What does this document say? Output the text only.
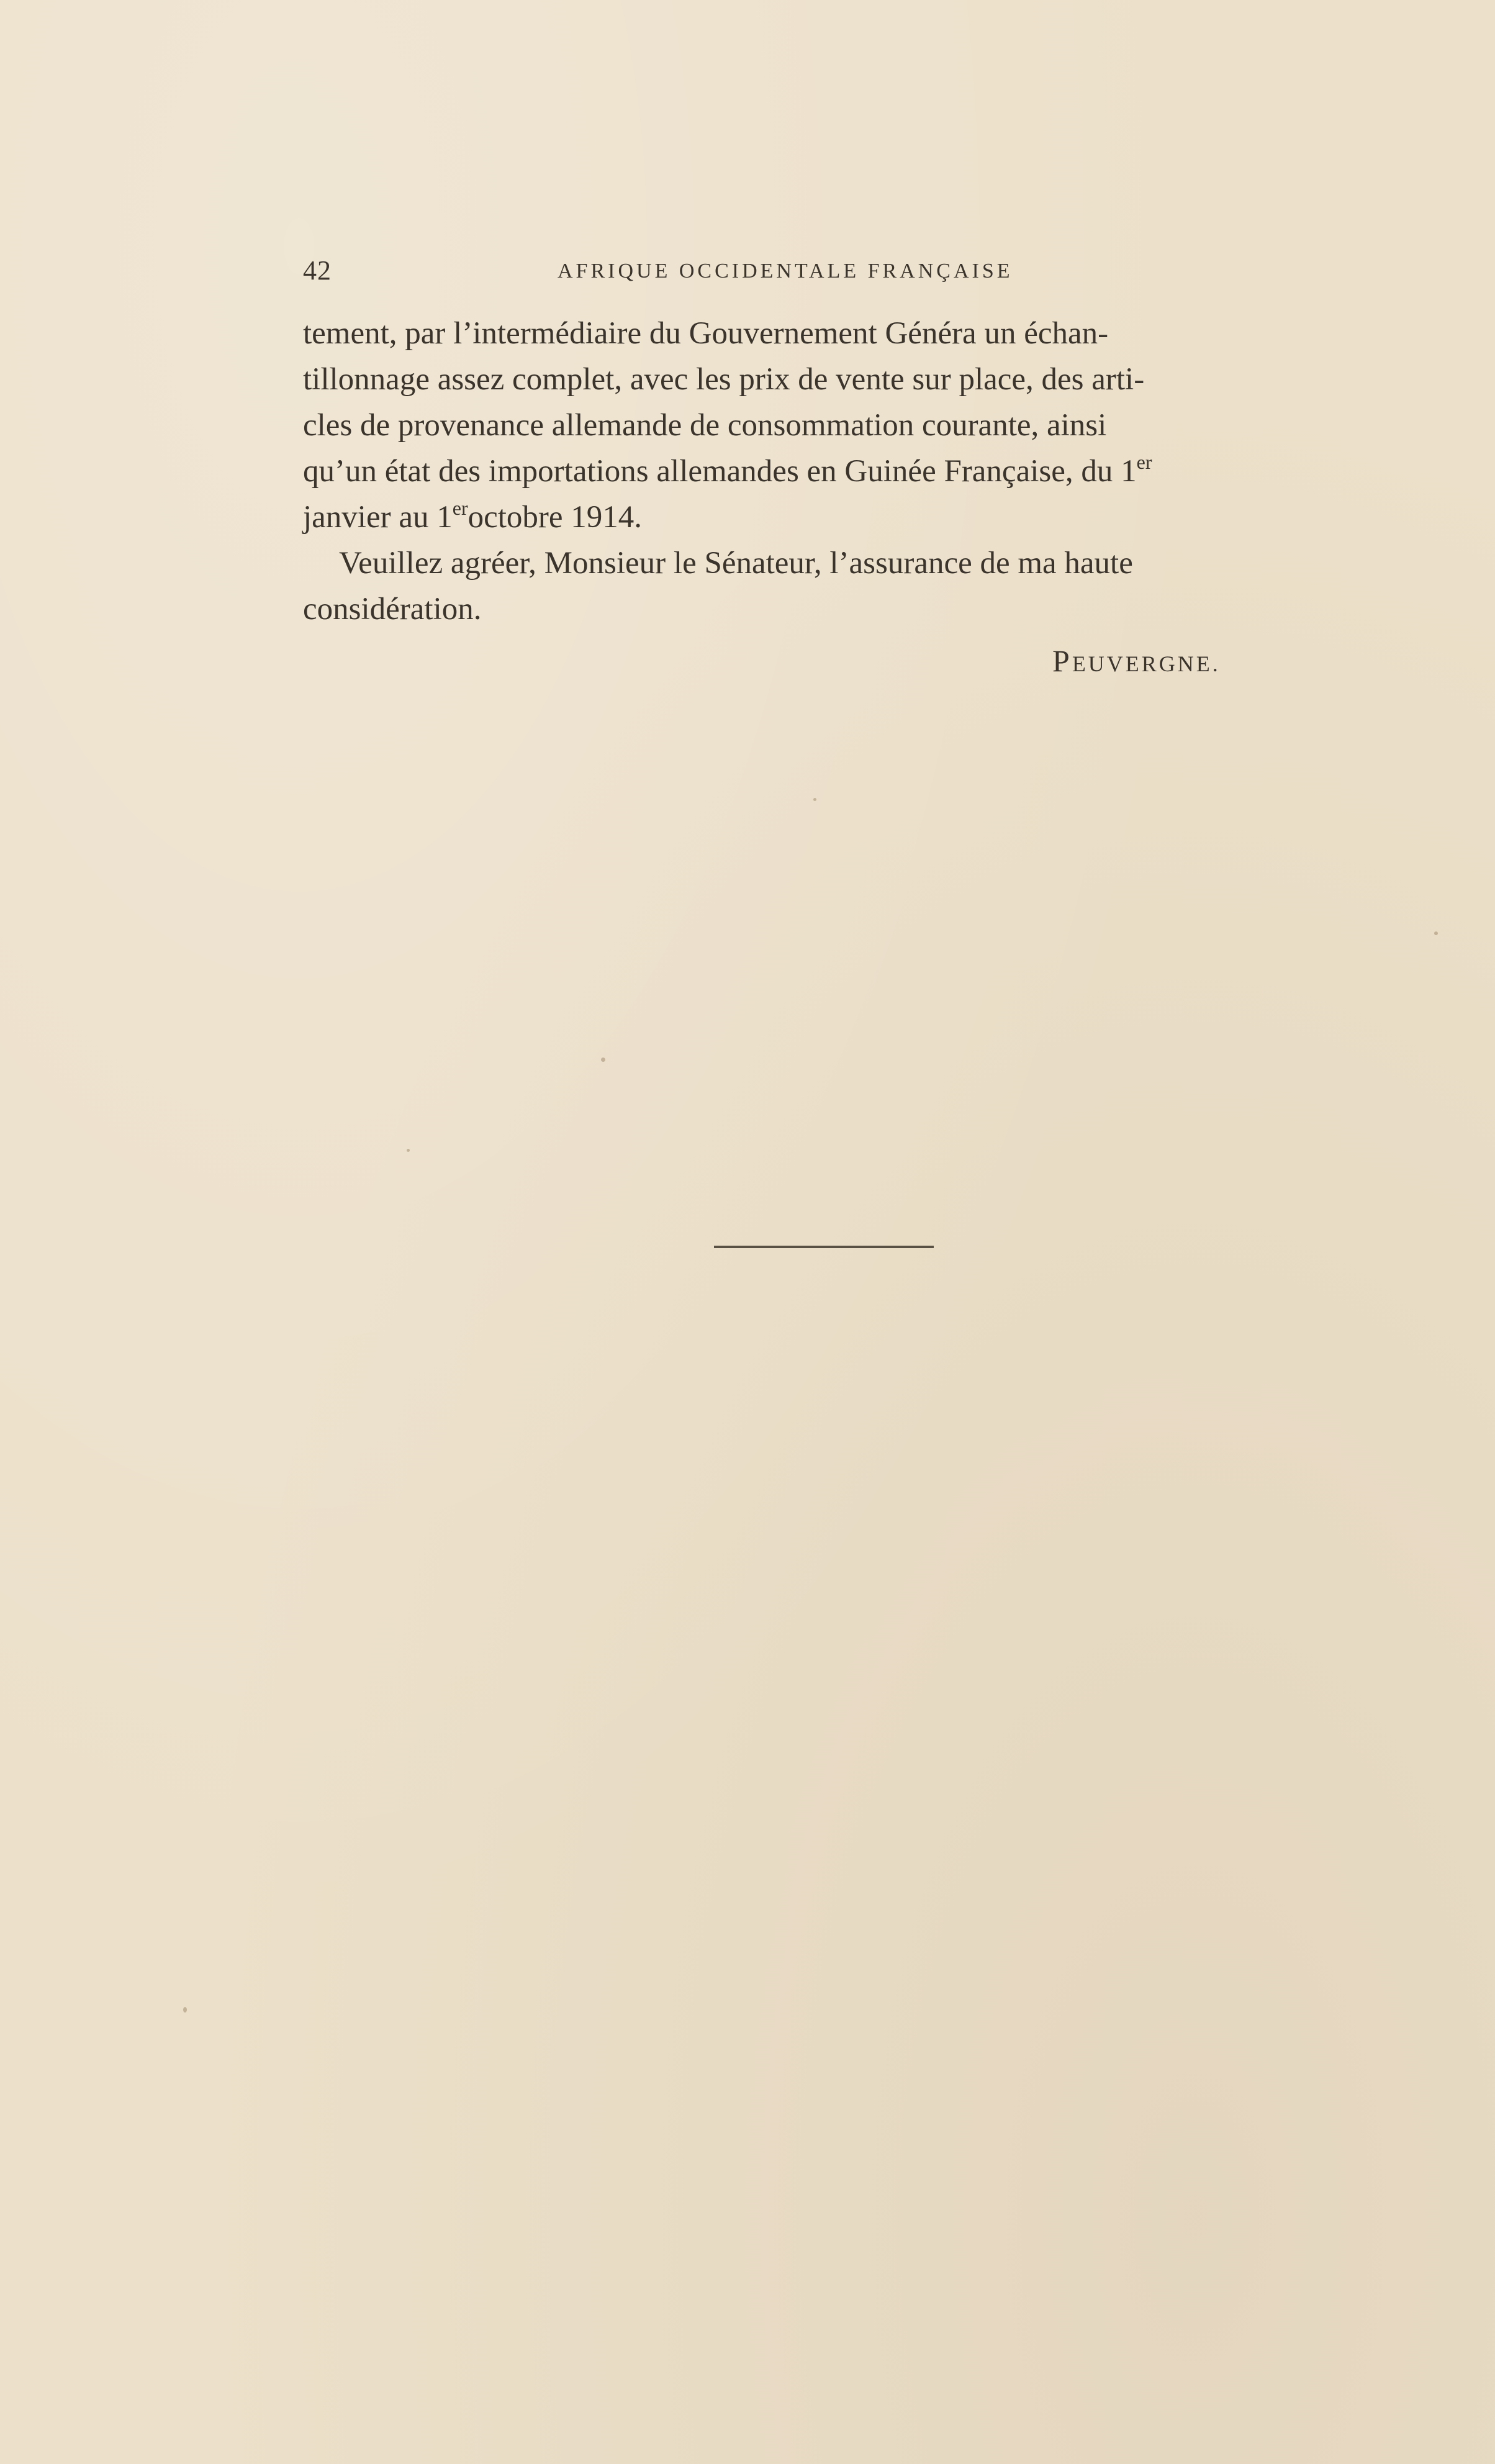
42	AFRIQUE OCCIDENTALE FRANÇAISE
tement, par l’intermédiaire du Gouvernement Généra un échan-
tillonnage assez complet, avec les prix de vente sur place, des arti-
cles de provenance allemande de consommation courante, ainsi
qu’un état des importations allemandes en Guinée Française, du 1er
janvier au 1eroctobre 1914.
Veuillez agréer, Monsieur le Sénateur, l’assurance de ma haute
considération.
PEUVERGNE.
